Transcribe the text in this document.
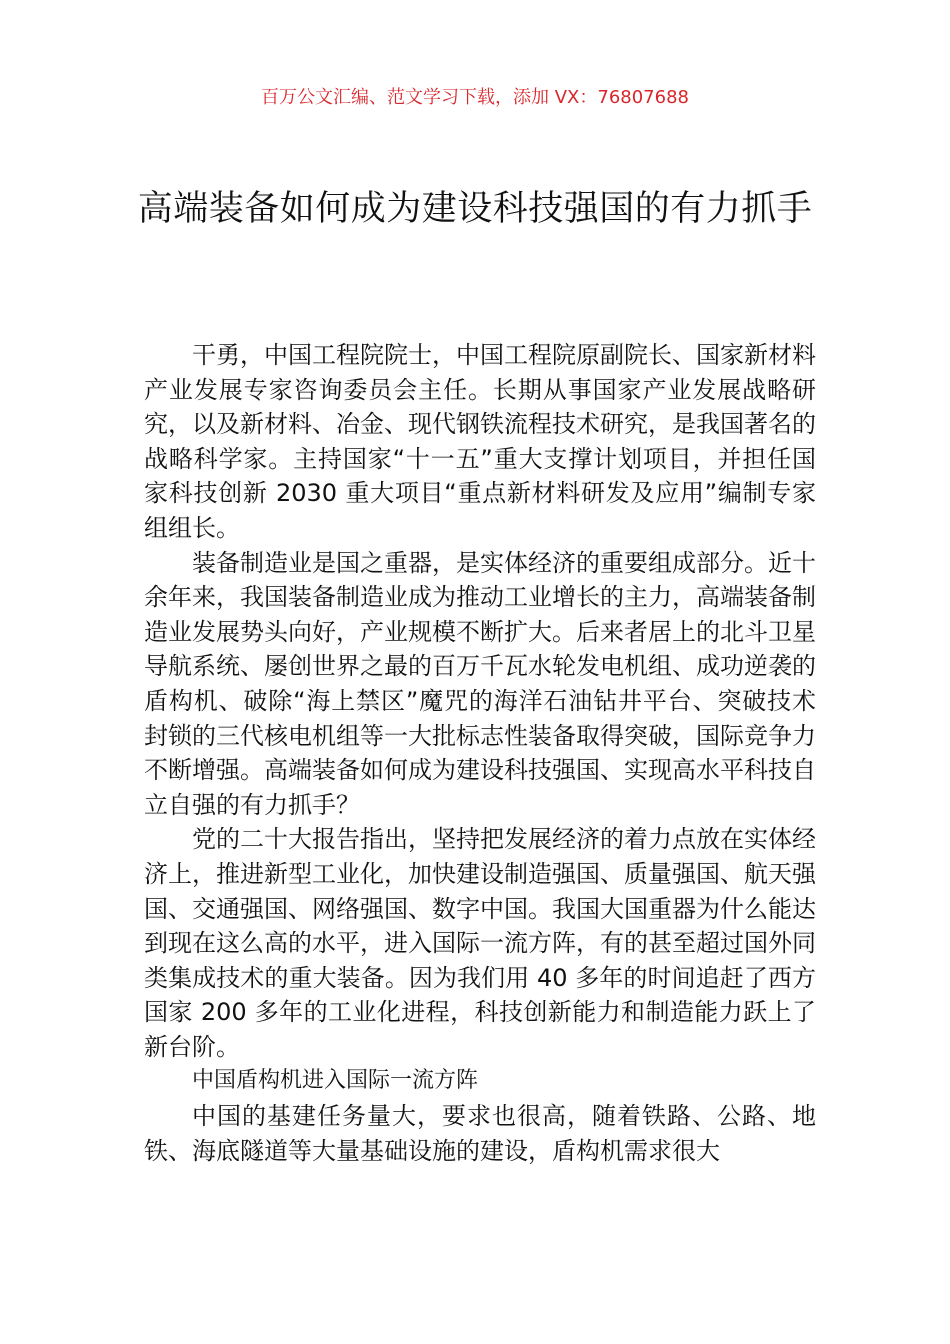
百万公文汇编、范文学习下载，添加 VX：76807688
高端装备如何成为建设科技强国的有力抓手

干勇，中国工程院院士，中国工程院原副院长、国家新材料产业发展专家咨询委员会主任。长期从事国家产业发展战略研究，以及新材料、冶金、现代钢铁流程技术研究，是我国著名的战略科学家。主持国家“十一五”重大支撑计划项目，并担任国家科技创新 2030 重大项目“重点新材料研发及应用”编制专家组组长。

装备制造业是国之重器，是实体经济的重要组成部分。近十余年来，我国装备制造业成为推动工业增长的主力，高端装备制造业发展势头向好，产业规模不断扩大。后来者居上的北斗卫星导航系统、屡创世界之最的百万千瓦水轮发电机组、成功逆袭的盾构机、破除“海上禁区”魔咒的海洋石油钻井平台、突破技术封锁的三代核电机组等一大批标志性装备取得突破，国际竞争力不断增强。高端装备如何成为建设科技强国、实现高水平科技自立自强的有力抓手？

党的二十大报告指出，坚持把发展经济的着力点放在实体经济上，推进新型工业化，加快建设制造强国、质量强国、航天强国、交通强国、网络强国、数字中国。我国大国重器为什么能达到现在这么高的水平，进入国际一流方阵，有的甚至超过国外同类集成技术的重大装备。因为我们用 40 多年的时间追赶了西方国家 200 多年的工业化进程，科技创新能力和制造能力跃上了新台阶。

中国盾构机进入国际一流方阵

中国的基建任务量大，要求也很高，随着铁路、公路、地铁、海底隧道等大量基础设施的建设，盾构机需求很大
